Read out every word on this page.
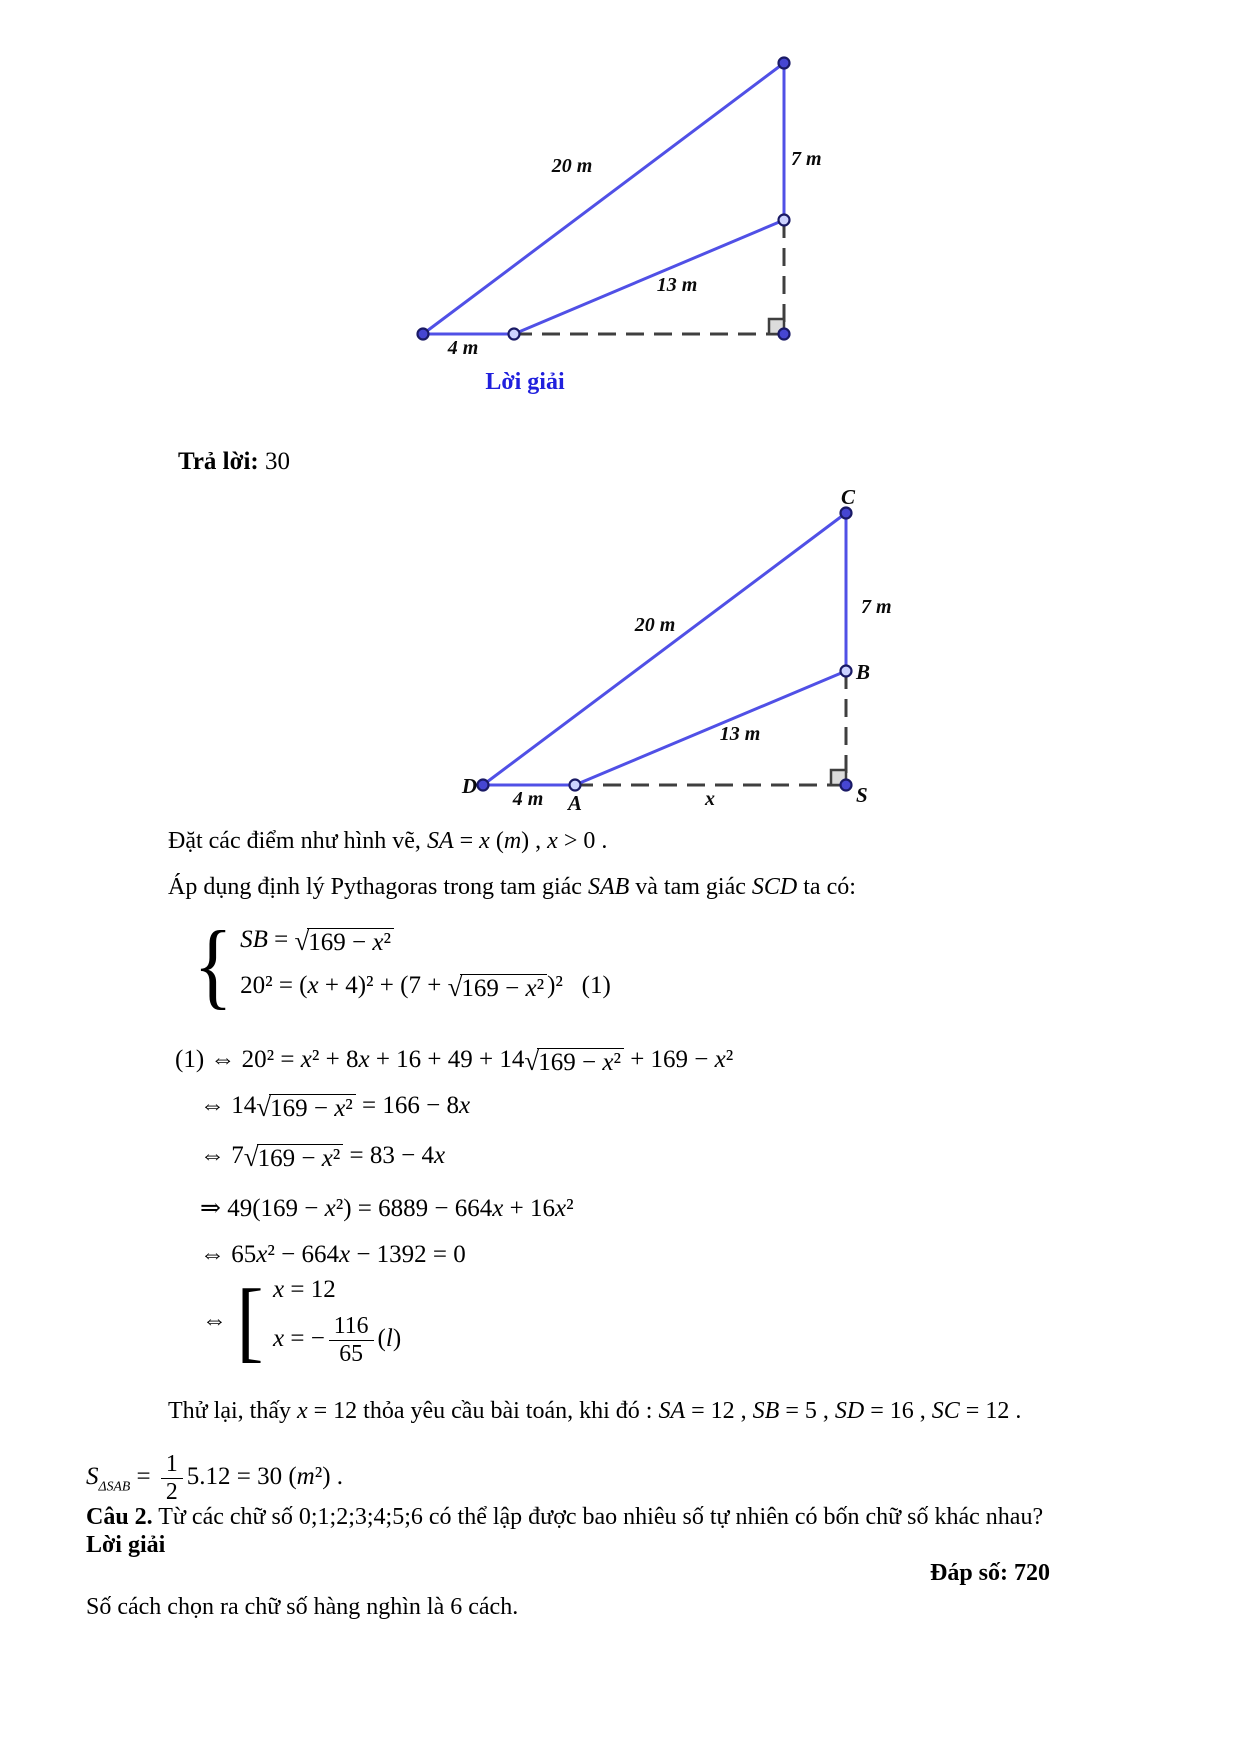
20 m	7 m
13 m
4 m
Lời giải
Trả lời: 30
C
B
S
D
A
20 m
7 m
13 m
4 m	x
Đặt các điểm như hình vẽ, SA = x (m) , x > 0 .
Áp dụng định lý Pythagoras trong tam giác SAB và tam giác SCD ta có:
{ SB = √169 − x²
20² = (x + 4)² + (7 + √169 − x² )²   (1)
(1) ⇔ 20² = x² + 8x + 16 + 49 + 14√169 − x² + 169 − x²
⇔ 14√169 − x² = 166 − 8x
⇔ 7√169 − x² = 83 − 4x
⇒ 49(169 − x²) = 6889 − 664x + 16x²
⇔ 65x² − 664x − 1392 = 0
⇔ [ x = 12
x = − $\frac{116}{65} (l)$
Thử lại, thấy x = 12 thỏa yêu cầu bài toán, khi đó : SA = 12 , SB = 5 , SD = 16 , SC = 12 .
$S_{\Delta SAB} = \frac{1}{2} 5.12 = 30$ (m²) .
Câu 2. Từ các chữ số 0;1;2;3;4;5;6 có thể lập được bao nhiêu số tự nhiên có bốn chữ số khác nhau?
Lời giải
Đáp số: 720
Số cách chọn ra chữ số hàng nghìn là 6 cách.
